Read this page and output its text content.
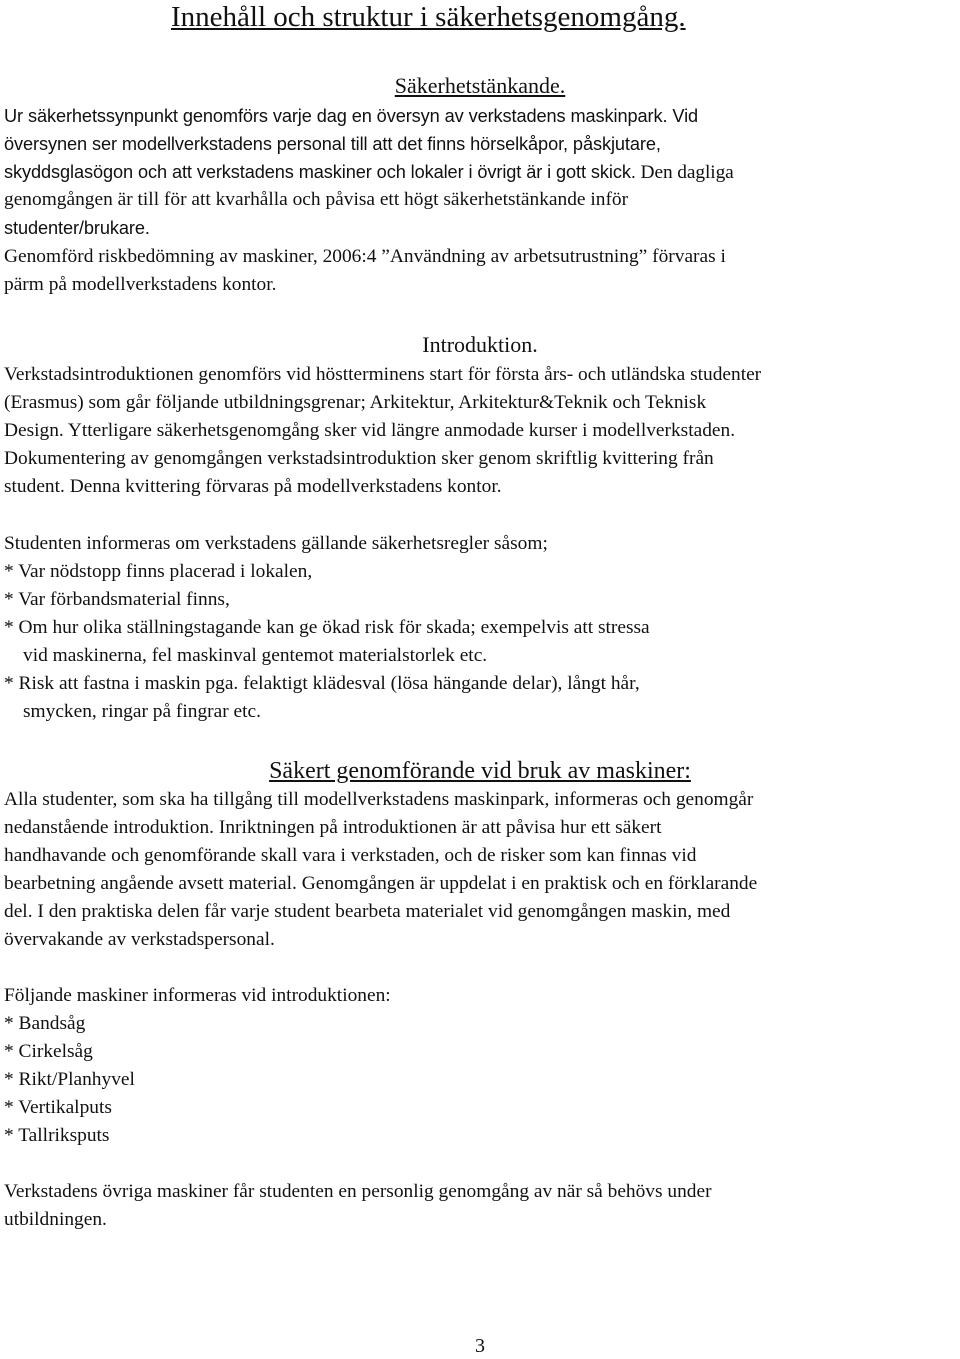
Innehåll och struktur i säkerhetsgenomgång.
Säkerhetstänkande.
Ur säkerhetssynpunkt genomförs varje dag en översyn av verkstadens maskinpark. Vid
översynen ser modellverkstadens personal till att det finns hörselkåpor, påskjutare,
skyddsglasögon och att verkstadens maskiner och lokaler i övrigt är i gott skick. Den dagliga
genomgången är till för att kvarhålla och påvisa ett högt säkerhetstänkande inför
studenter/brukare.
Genomförd riskbedömning av maskiner, 2006:4 ”Användning av arbetsutrustning” förvaras i
pärm på modellverkstadens kontor.
Introduktion.
Verkstadsintroduktionen genomförs vid höstterminens start för första års- och utländska studenter
(Erasmus) som går följande utbildningsgrenar; Arkitektur, Arkitektur&Teknik och Teknisk
Design. Ytterligare säkerhetsgenomgång sker vid längre anmodade kurser i modellverkstaden.
Dokumentering av genomgången verkstadsintroduktion sker genom skriftlig kvittering från
student. Denna kvittering förvaras på modellverkstadens kontor.
Studenten informeras om verkstadens gällande säkerhetsregler såsom;
* Var nödstopp finns placerad i lokalen,
* Var förbandsmaterial finns,
* Om hur olika ställningstagande kan ge ökad risk för skada; exempelvis att stressa
vid maskinerna, fel maskinval gentemot materialstorlek etc.
* Risk att fastna i maskin pga. felaktigt klädesval (lösa hängande delar), långt hår,
smycken, ringar på fingrar etc.
Säkert genomförande vid bruk av maskiner:
Alla studenter, som ska ha tillgång till modellverkstadens maskinpark, informeras och genomgår
nedanstående introduktion. Inriktningen på introduktionen är att påvisa hur ett säkert
handhavande och genomförande skall vara i verkstaden, och de risker som kan finnas vid
bearbetning angående avsett material. Genomgången är uppdelat i en praktisk och en förklarande
del. I den praktiska delen får varje student bearbeta materialet vid genomgången maskin, med
övervakande av verkstadspersonal.
Följande maskiner informeras vid introduktionen:
* Bandsåg
* Cirkelsåg
* Rikt/Planhyvel
* Vertikalputs
* Tallriksputs
Verkstadens övriga maskiner får studenten en personlig genomgång av när så behövs under
utbildningen.
3
